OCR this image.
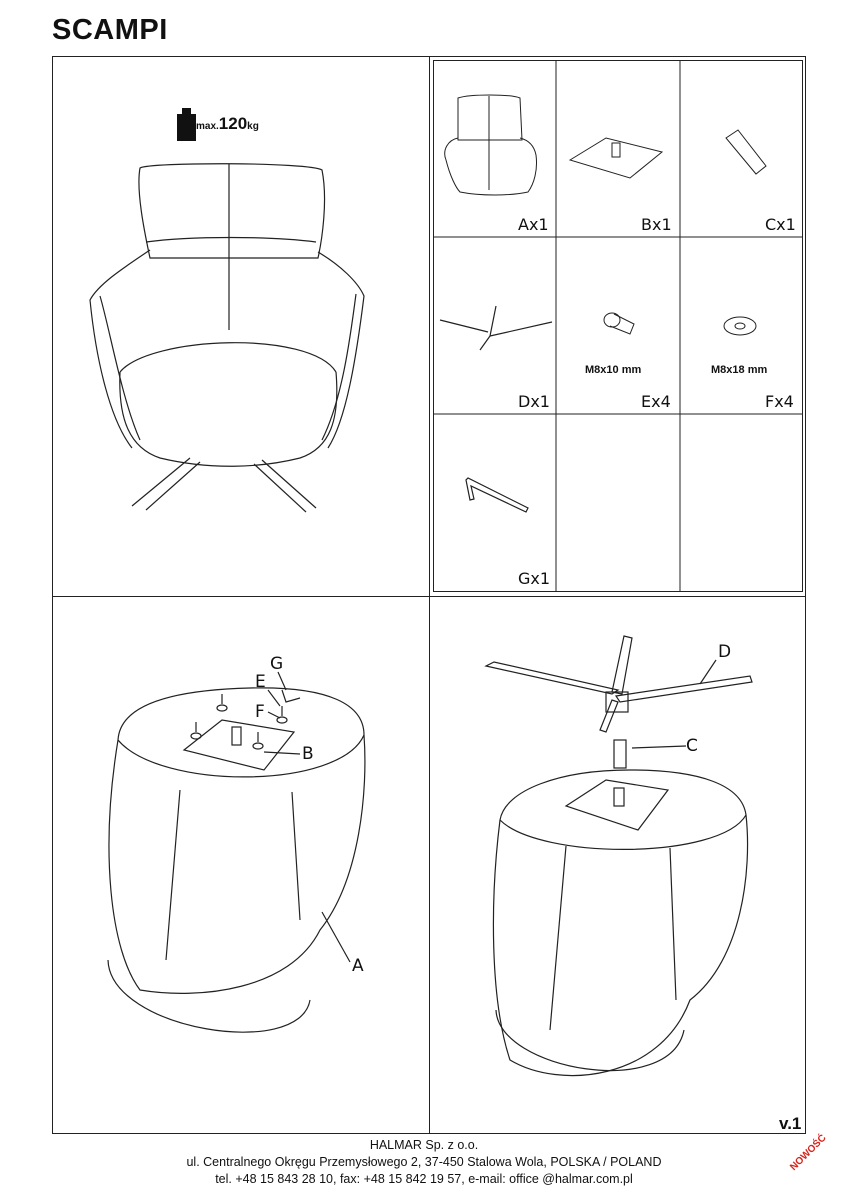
SCAMPI
max.120kg
Ax1	Bx1	Cx1
Dx1	Ex4	Fx4
Gx1
M8x10 mm	M8x18 mm
G
E
F
B
A
D
C
v.1
HALMAR Sp. z o.o.
ul. Centralnego Okręgu Przemysłowego 2, 37-450 Stalowa Wola, POLSKA / POLAND
tel. +48 15 843 28 10, fax: +48 15 842 19 57, e-mail: office @halmar.com.pl
NOWOŚĆ
